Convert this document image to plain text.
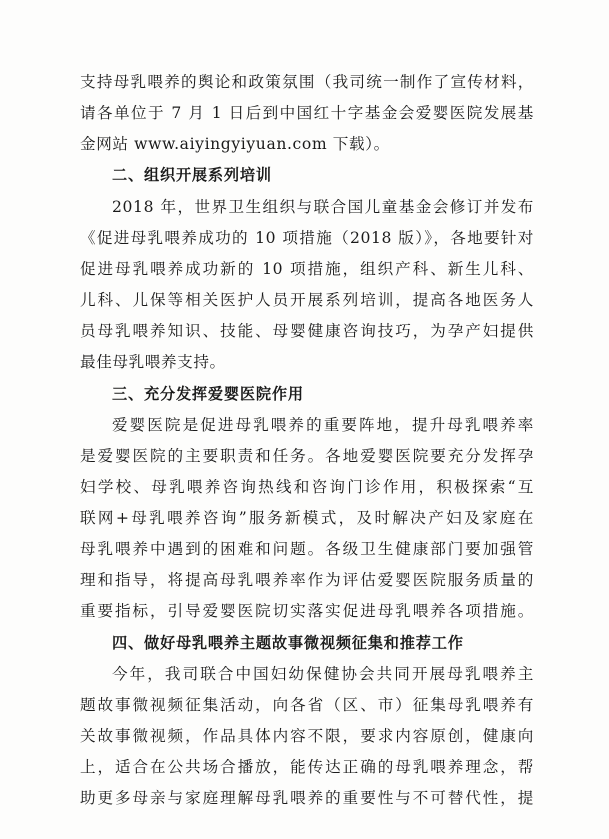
支持母乳喂养的舆论和政策氛围（我司统一制作了宣传材料，
请各单位于 7 月 1 日后到中国红十字基金会爱婴医院发展基
金网站 www.aiyingyiyuan.com 下载）。
二、组织开展系列培训
2018 年，世界卫生组织与联合国儿童基金会修订并发布
《促进母乳喂养成功的 10 项措施（2018 版）》，各地要针对
促进母乳喂养成功新的 10 项措施，组织产科、新生儿科、
儿科、儿保等相关医护人员开展系列培训，提高各地医务人
员母乳喂养知识、技能、母婴健康咨询技巧，为孕产妇提供
最佳母乳喂养支持。
三、充分发挥爱婴医院作用
爱婴医院是促进母乳喂养的重要阵地，提升母乳喂养率
是爱婴医院的主要职责和任务。各地爱婴医院要充分发挥孕
妇学校、母乳喂养咨询热线和咨询门诊作用，积极探索“互
联网+母乳喂养咨询”服务新模式，及时解决产妇及家庭在
母乳喂养中遇到的困难和问题。各级卫生健康部门要加强管
理和指导，将提高母乳喂养率作为评估爱婴医院服务质量的
重要指标，引导爱婴医院切实落实促进母乳喂养各项措施。
四、做好母乳喂养主题故事微视频征集和推荐工作
今年，我司联合中国妇幼保健协会共同开展母乳喂养主
题故事微视频征集活动，向各省（区、市）征集母乳喂养有
关故事微视频，作品具体内容不限，要求内容原创，健康向
上，适合在公共场合播放，能传达正确的母乳喂养理念，帮
助更多母亲与家庭理解母乳喂养的重要性与不可替代性，提
